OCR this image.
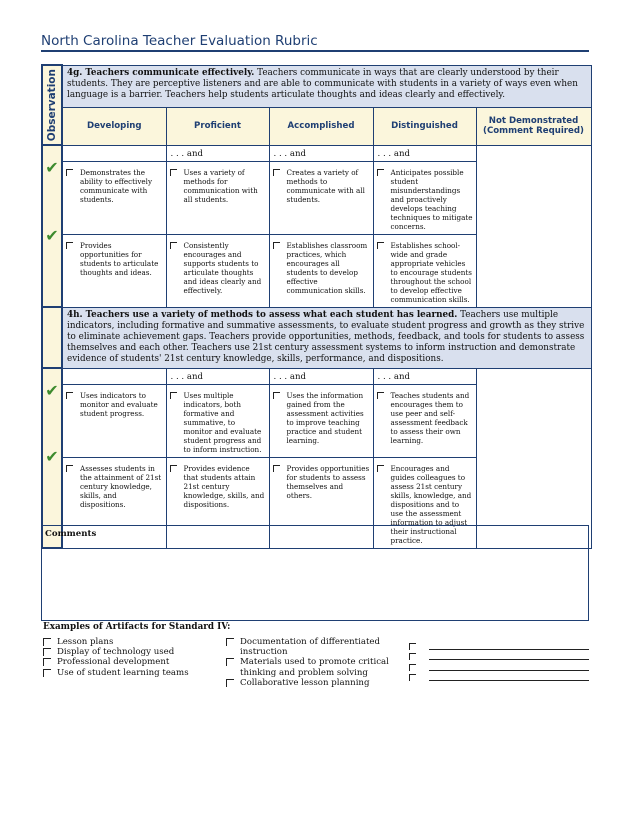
North Carolina Teacher Evaluation Rubric
Observation	4g. Teachers communicate effectively. Teachers communicate in ways that are clearly understood by their students. They are perceptive listeners and are able to communicate with students in a variety of ways even when language is a barrier. Teachers help students articulate thoughts and ideas clearly and effectively.				
	Developing	Proficient	Accomplished	Distinguished	Not Demonstrated (Comment Required)

✔
✔		. . . and	. . . and	. . . and	

	Demonstrates the ability to effectively communicate with students.	Uses a variety of methods for communication with all students.	Creates a variety of methods to communicate with all students.	Anticipates possible student misunderstandings and proactively develops teaching techniques to mitigate concerns.	

	Provides opportunities for students to articulate thoughts and ideas.	Consistently encourages and supports students to articulate thoughts and ideas clearly and effectively.	Establishes classroom practices, which encourages all students to develop effective communication skills.	Establishes school-wide and grade appropriate vehicles to encourage students throughout the school to develop effective communication skills.	

	4h. Teachers use a variety of methods to assess what each student has learned. Teachers use multiple indicators, including formative and summative assessments, to evaluate student progress and growth as they strive to eliminate achievement gaps. Teachers provide opportunities, methods, feedback, and tools for students to assess themselves and each other. Teachers use 21st century assessment systems to inform instruction and demonstrate evidence of students' 21st century knowledge, skills, performance, and dispositions.				

✔
✔		. . . and	. . . and	. . . and	

	Uses indicators to monitor and evaluate student progress.	Uses multiple indicators, both formative and summative, to monitor and evaluate student progress and to inform instruction.	Uses the information gained from the assessment activities to improve teaching practice and student learning.	Teaches students and encourages them to use peer and self-assessment feedback to assess their own learning.	

	Assesses students in the attainment of 21st century knowledge, skills, and dispositions.	Provides evidence that students attain 21st century knowledge, skills, and dispositions.	Provides opportunities for students to assess themselves and others.	Encourages and guides colleagues to assess 21st century skills, knowledge, and dispositions and to use the assessment information to adjust their instructional practice.	
Comments
Examples of Artifacts for Standard IV:
Lesson plans
Display of technology used
Professional development
Use of student learning teams
Documentation of differentiated instruction
Materials used to promote critical thinking and problem solving
Collaborative lesson planning
